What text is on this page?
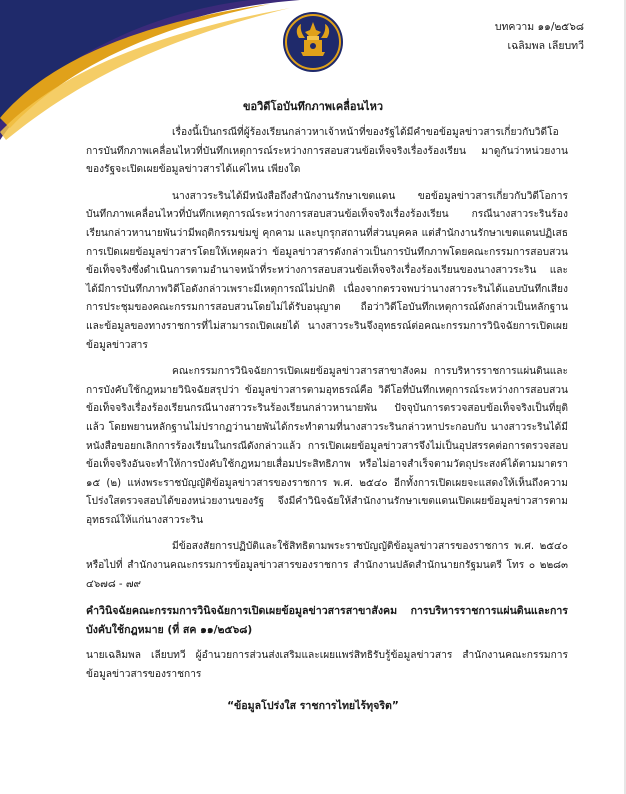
บทความ ๑๑/๒๕๖๘
เฉลิมพล เลียบทวี
ขอวิดีโอบันทึกภาพเคลื่อนไหว

เรื่องนี้เป็นกรณีที่ผู้ร้องเรียนกล่าวหาเจ้าหน้าที่ของรัฐได้มีคำขอข้อมูลข่าวสารเกี่ยวกับวิดีโอการบันทึกภาพเคลื่อนไหวที่บันทึกเหตุการณ์ระหว่างการสอบสวนข้อเท็จจริงเรื่องร้องเรียน มาดูกันว่าหน่วยงานของรัฐจะเปิดเผยข้อมูลข่าวสารได้แค่ไหน เพียงใด

นางสาวระรินได้มีหนังสือถึงสำนักงานรักษาเขตแดน ขอข้อมูลข่าวสารเกี่ยวกับวิดีโอการบันทึกภาพเคลื่อนไหวที่บันทึกเหตุการณ์ระหว่างการสอบสวนข้อเท็จจริงเรื่องร้องเรียน กรณีนางสาวระรินร้องเรียนกล่าวหานายพันว่ามีพฤติกรรมข่มขู่ คุกคาม และบุกรุกสถานที่ส่วนบุคคล แต่สำนักงานรักษาเขตแดนปฏิเสธการเปิดเผยข้อมูลข่าวสารโดยให้เหตุผลว่า ข้อมูลข่าวสารดังกล่าวเป็นการบันทึกภาพโดยคณะกรรมการสอบสวนข้อเท็จจริงซึ่งดำเนินการตามอำนาจหน้าที่ระหว่างการสอบสวนข้อเท็จจริงเรื่องร้องเรียนของนางสาวระริน และได้มีการบันทึกภาพวิดีโอดังกล่าวเพราะมีเหตุการณ์ไม่ปกติ เนื่องจากตรวจพบว่านางสาวระรินได้แอบบันทึกเสียงการประชุมของคณะกรรมการสอบสวนโดยไม่ได้รับอนุญาต ถือว่าวิดีโอบันทึกเหตุการณ์ดังกล่าวเป็นหลักฐานและข้อมูลของทางราชการที่ไม่สามารถเปิดเผยได้ นางสาวระรินจึงอุทธรณ์ต่อคณะกรรมการวินิจฉัยการเปิดเผยข้อมูลข่าวสาร

คณะกรรมการวินิจฉัยการเปิดเผยข้อมูลข่าวสารสาขาสังคม การบริหารราชการแผ่นดินและการบังคับใช้กฎหมายวินิจฉัยสรุปว่า ข้อมูลข่าวสารตามอุทธรณ์คือ วิดีโอที่บันทึกเหตุการณ์ระหว่างการสอบสวนข้อเท็จจริงเรื่องร้องเรียนกรณีนางสาวระรินร้องเรียนกล่าวหานายพัน ปัจจุบันการตรวจสอบข้อเท็จจริงเป็นที่ยุติแล้ว โดยพยานหลักฐานไม่ปรากฏว่านายพันได้กระทำตามที่นางสาวระรินกล่าวหาประกอบกับ นางสาวระรินได้มีหนังสือขอยกเลิกการร้องเรียนในกรณีดังกล่าวแล้ว การเปิดเผยข้อมูลข่าวสารจึงไม่เป็นอุปสรรคต่อการตรวจสอบข้อเท็จจริงอันจะทำให้การบังคับใช้กฎหมายเสื่อมประสิทธิภาพ หรือไม่อาจสำเร็จตามวัตถุประสงค์ได้ตามมาตรา ๑๕ (๒) แห่งพระราชบัญญัติข้อมูลข่าวสารของราชการ พ.ศ. ๒๕๔๐ อีกทั้งการเปิดเผยจะแสดงให้เห็นถึงความโปร่งใสตรวจสอบได้ของหน่วยงานของรัฐ จึงมีคำวินิจฉัยให้สำนักงานรักษาเขตแดนเปิดเผยข้อมูลข่าวสารตามอุทธรณ์ให้แก่นางสาวระริน

มีข้อสงสัยการปฏิบัติและใช้สิทธิตามพระราชบัญญัติข้อมูลข่าวสารของราชการ พ.ศ. ๒๕๔๐ หรือไปที่ สำนักงานคณะกรรมการข้อมูลข่าวสารของราชการ สำนักงานปลัดสำนักนายกรัฐมนตรี โทร ๐ ๒๒๘๓ ๔๖๗๘ - ๗๙

คำวินิจฉัยคณะกรรมการวินิจฉัยการเปิดเผยข้อมูลข่าวสารสาขาสังคม การบริหารราชการแผ่นดินและการบังคับใช้กฎหมาย (ที่ สค ๑๑/๒๕๖๘)

นายเฉลิมพล เลียบทวี ผู้อำนวยการส่วนส่งเสริมและเผยแพร่สิทธิรับรู้ข้อมูลข่าวสาร สำนักงานคณะกรรมการข้อมูลข่าวสารของราชการ

“ข้อมูลโปร่งใส ราชการไทยไร้ทุจริต”
